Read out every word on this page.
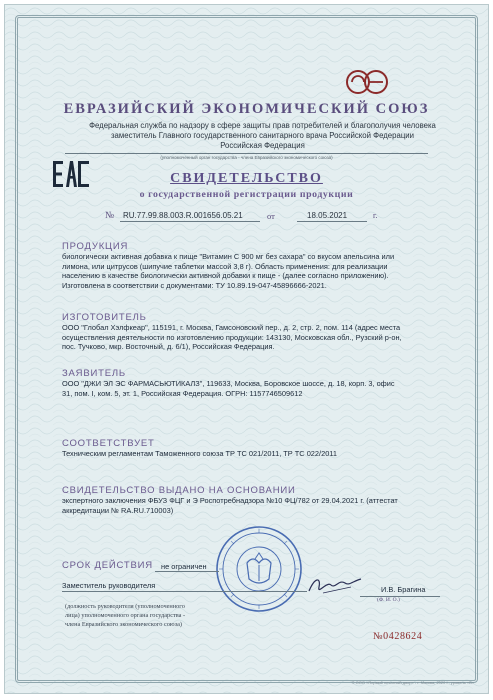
ЕВРАЗИЙСКИЙ ЭКОНОМИЧЕСКИЙ СОЮЗ
Федеральная служба по надзору в сфере защиты прав потребителей и благополучия человека
заместитель Главного государственного санитарного врача Российской Федерации
Российская Федерация
(уполномоченный орган государства - члена Евразийского экономического союза)
СВИДЕТЕЛЬСТВО
о государственной регистрации продукции
№ RU.77.99.88.003.R.001656.05.21	от	18.05.2021	г.
ПРОДУКЦИЯ
биологически активная добавка к пище "Витамин С 900 мг без сахара" со вкусом апельсина или
лимона, или цитрусов (шипучие таблетки массой 3,8 г). Область применения: для реализации
населению в качестве биологически активной добавки к пище - (далее согласно приложению).
Изготовлена в соответствии с документами: ТУ 10.89.19-047-45896666-2021.
ИЗГОТОВИТЕЛЬ
ООО "Глобал Хэлфкеар", 115191, г. Москва, Гамсоновский пер., д. 2, стр. 2, пом. 114 (адрес места
осуществления деятельности по изготовлению продукции: 143130, Московская обл., Рузский р-он,
пос. Тучково, мкр. Восточный, д. 6/1), Российская Федерация.
ЗАЯВИТЕЛЬ
ООО "ДЖИ ЭЛ ЭС ФАРМАСЬЮТИКАЛЗ", 119633, Москва, Боровское шоссе, д. 18, корп. 3, офис
31, пом. I, ком. 5, эт. 1, Российская Федерация. ОГРН: 1157746509612
СООТВЕТСТВУЕТ
Техническим регламентам Таможенного союза ТР ТС 021/2011, ТР ТС 022/2011
СВИДЕТЕЛЬСТВО ВЫДАНО НА ОСНОВАНИИ
экспертного заключения ФБУЗ ФЦГ и Э Роспотребнадзора №10 ФЦ/782 от 29.04.2021 г. (аттестат
аккредитации № RA.RU.710003)
СРОК ДЕЙСТВИЯ не ограничен
Заместитель руководителя	И.В. Брагина
(Ф. И. О.)
(должность руководителя (уполномоченного
лица) уполномоченного органа государства -
члена Евразийского экономического союза)
№0428624
© ООО «Первый печатный двор» - г. Москва, 2020 г., уровень «В»
